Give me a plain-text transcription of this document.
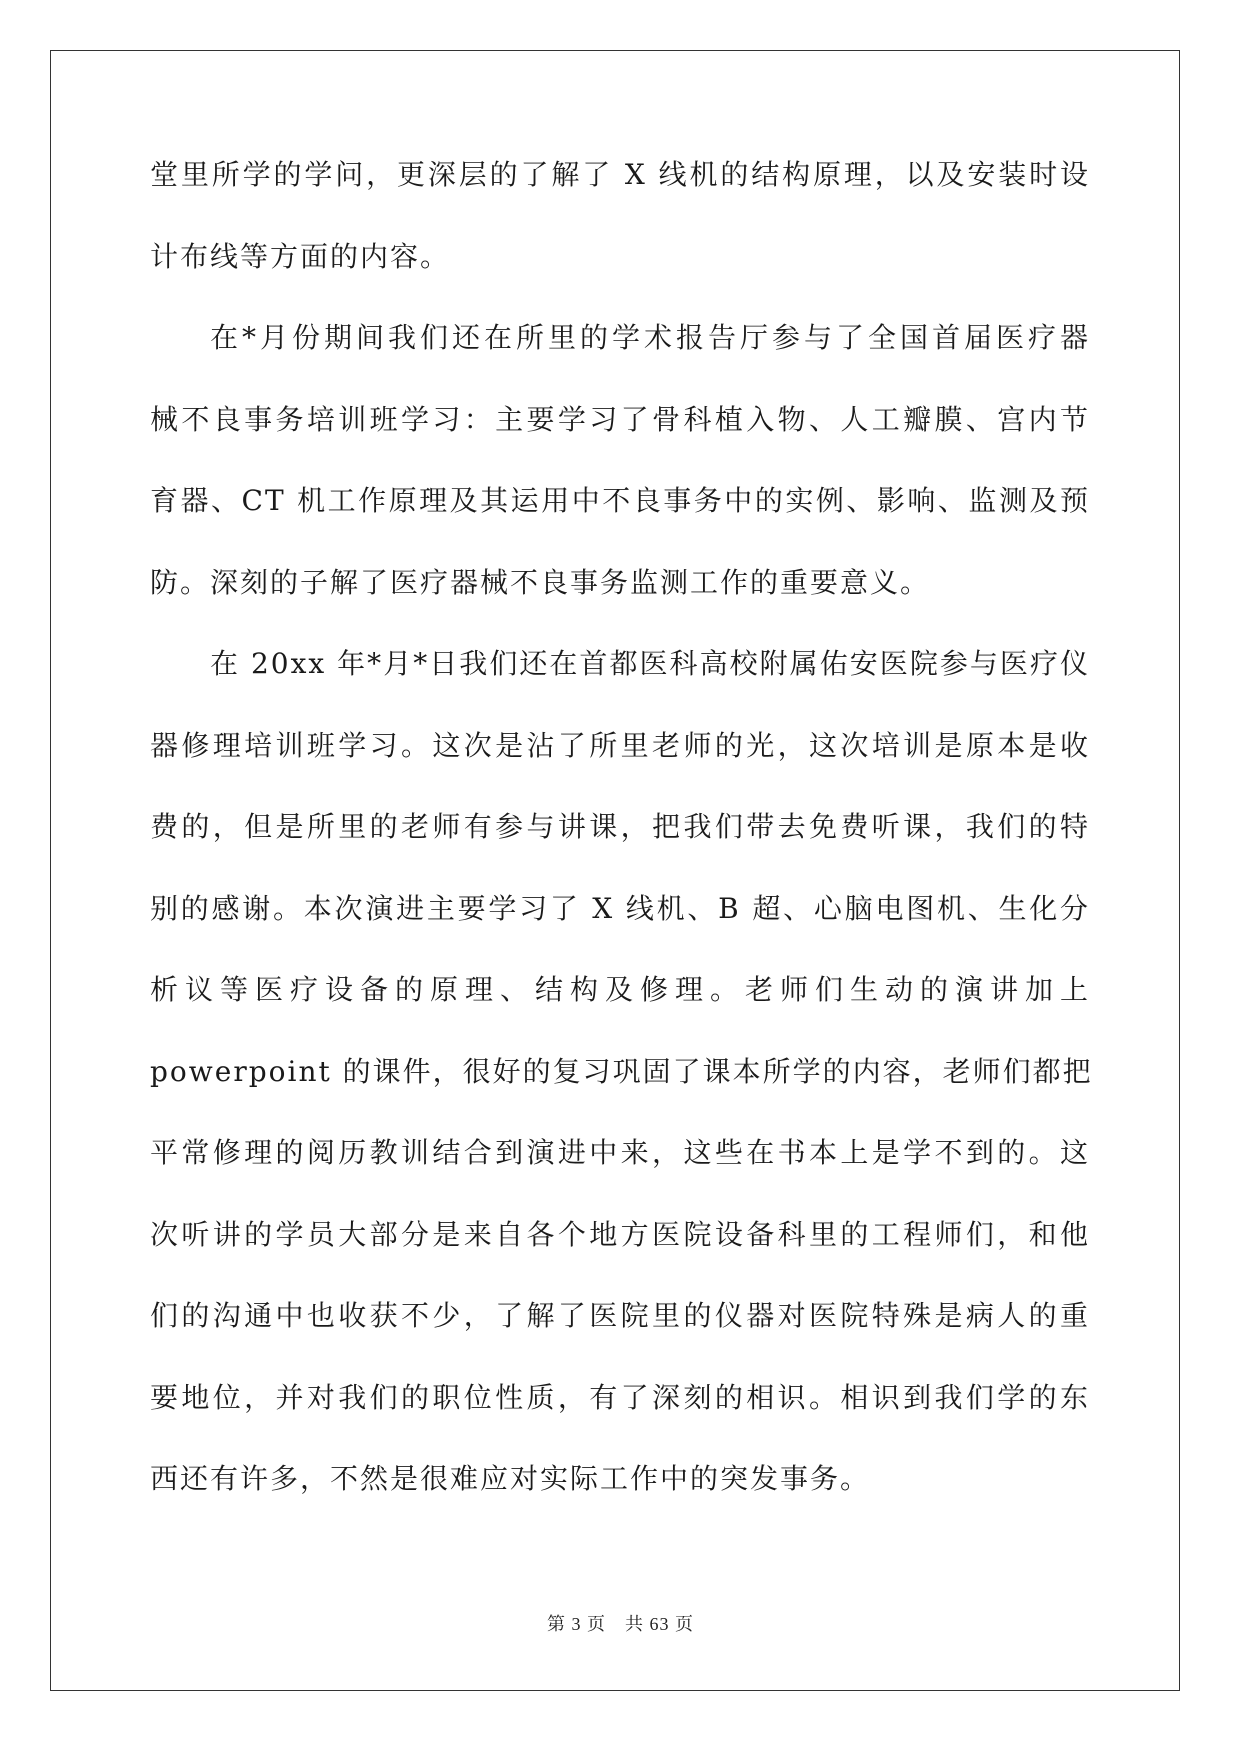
堂里所学的学问，更深层的了解了 X 线机的结构原理，以及安装时设
计布线等方面的内容。
在*月份期间我们还在所里的学术报告厅参与了全国首届医疗器
械不良事务培训班学习：主要学习了骨科植入物、人工瓣膜、宫内节
育器、CT 机工作原理及其运用中不良事务中的实例、影响、监测及预
防。深刻的子解了医疗器械不良事务监测工作的重要意义。
在 20xx 年*月*日我们还在首都医科高校附属佑安医院参与医疗仪
器修理培训班学习。这次是沾了所里老师的光，这次培训是原本是收
费的，但是所里的老师有参与讲课，把我们带去免费听课，我们的特
别的感谢。本次演进主要学习了 X 线机、B 超、心脑电图机、生化分
析议等医疗设备的原理、结构及修理。老师们生动的演讲加上
powerpoint 的课件，很好的复习巩固了课本所学的内容，老师们都把
平常修理的阅历教训结合到演进中来，这些在书本上是学不到的。这
次听讲的学员大部分是来自各个地方医院设备科里的工程师们，和他
们的沟通中也收获不少，了解了医院里的仪器对医院特殊是病人的重
要地位，并对我们的职位性质，有了深刻的相识。相识到我们学的东
西还有许多，不然是很难应对实际工作中的突发事务。
第 3 页　共 63 页
